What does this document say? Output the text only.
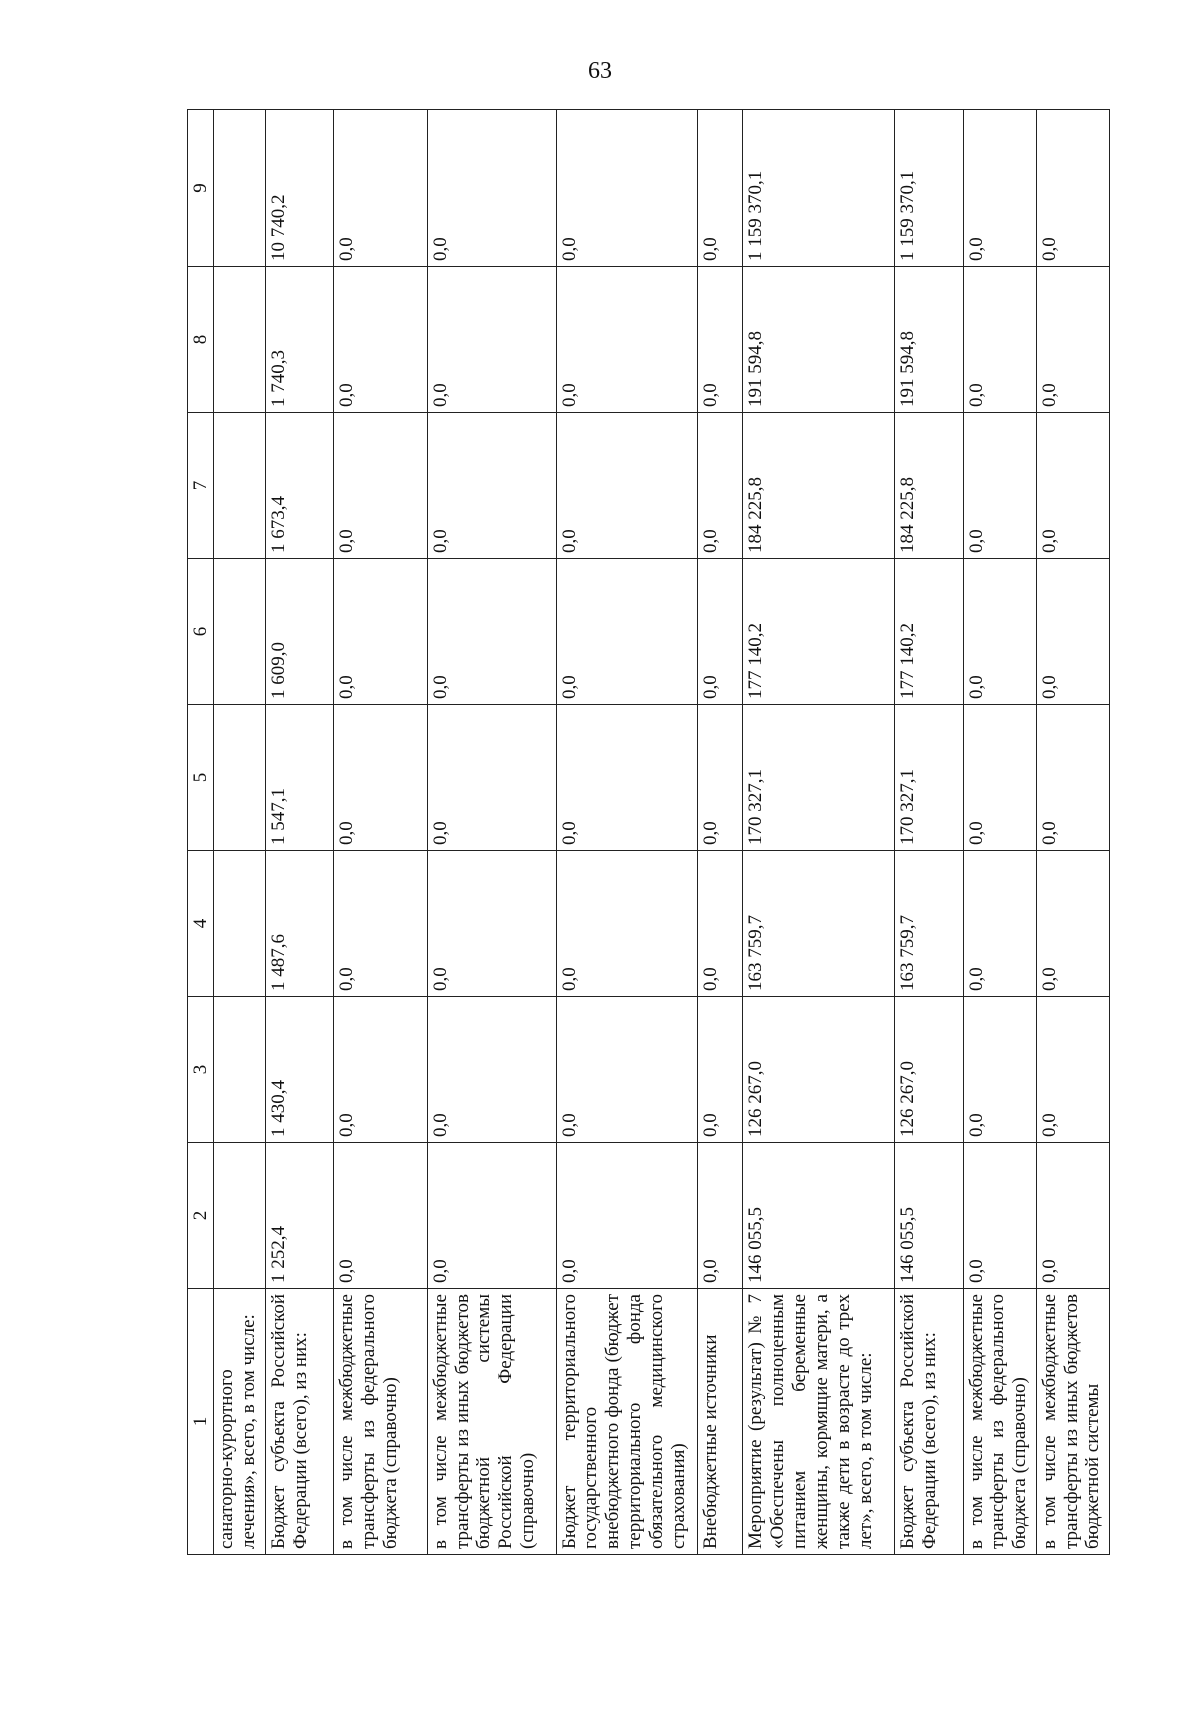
63
1	2	3	4	5	6	7	8	9
санаторно-курортного лечения», всего, в том числе:								
Бюджет субъекта Российской Федерации (всего), из них:	1 252,4	1 430,4	1 487,6	1 547,1	1 609,0	1 673,4	1 740,3	10 740,2
в том числе межбюджетные трансферты из федерального бюджета (справочно)	0,0	0,0	0,0	0,0	0,0	0,0	0,0	0,0
в том числе межбюджетные трансферты из иных бюджетов бюджетной системы Российской Федерации (справочно)	0,0	0,0	0,0	0,0	0,0	0,0	0,0	0,0
Бюджет территориального государственного внебюджетного фонда (бюджет территориального фонда обязательного медицинского страхования)	0,0	0,0	0,0	0,0	0,0	0,0	0,0	0,0
Внебюджетные источники	0,0	0,0	0,0	0,0	0,0	0,0	0,0	0,0
Мероприятие (результат) № 7 «Обеспечены полноценным питанием беременные женщины, кормящие матери, а также дети в возрасте до трех лет», всего, в том числе:	146 055,5	126 267,0	163 759,7	170 327,1	177 140,2	184 225,8	191 594,8	1 159 370,1
Бюджет субъекта Российской Федерации (всего), из них:	146 055,5	126 267,0	163 759,7	170 327,1	177 140,2	184 225,8	191 594,8	1 159 370,1
в том числе межбюджетные трансферты из федерального бюджета (справочно)	0,0	0,0	0,0	0,0	0,0	0,0	0,0	0,0
в том числе межбюджетные трансферты из иных бюджетов бюджетной системы	0,0	0,0	0,0	0,0	0,0	0,0	0,0	0,0
